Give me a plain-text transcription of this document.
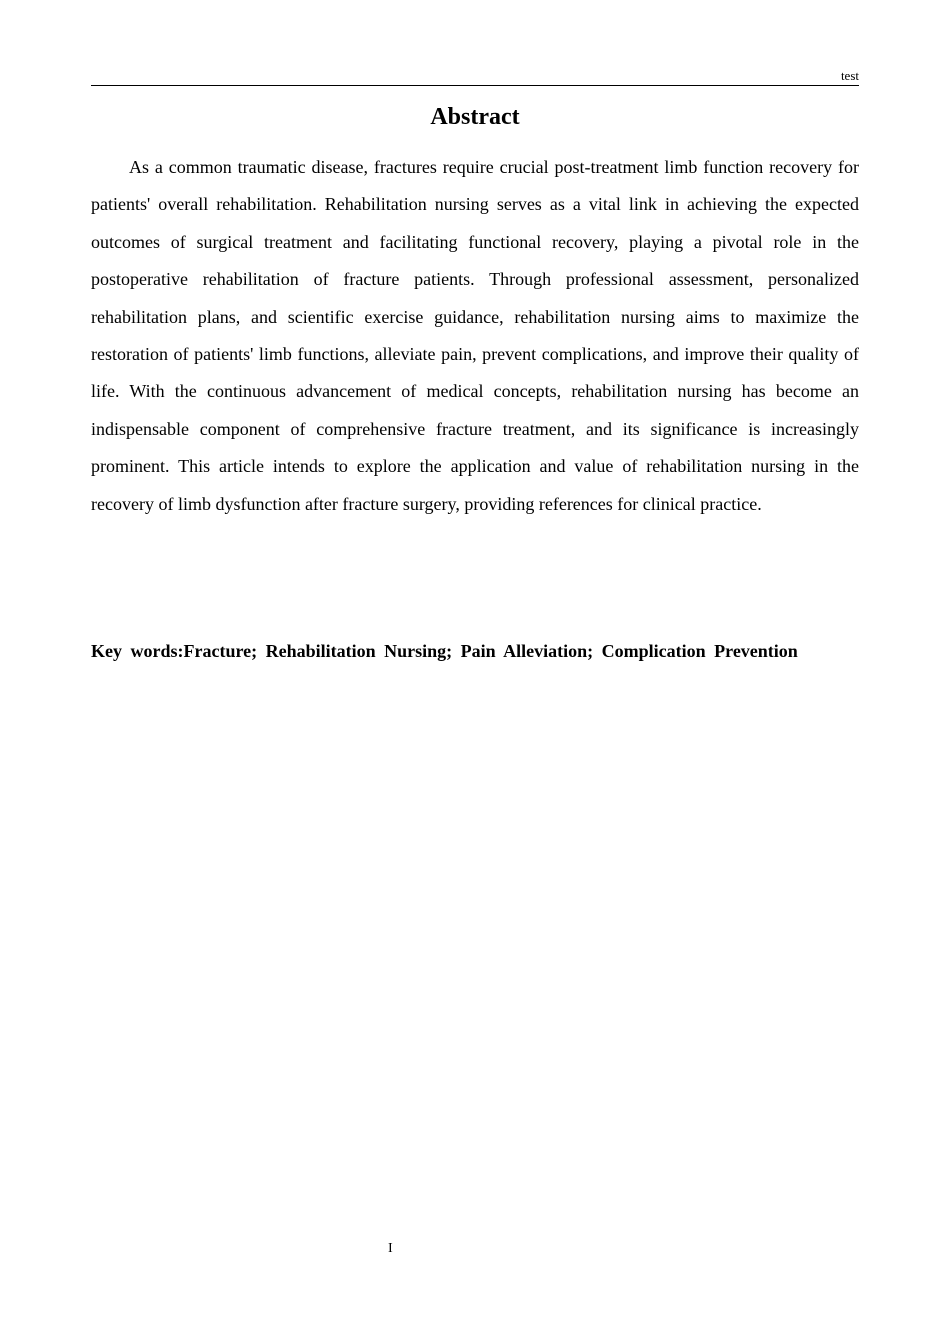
test
Abstract

As a common traumatic disease, fractures require crucial post-treatment limb function recovery for patients' overall rehabilitation. Rehabilitation nursing serves as a vital link in achieving the expected outcomes of surgical treatment and facilitating functional recovery, playing a pivotal role in the postoperative rehabilitation of fracture patients. Through professional assessment, personalized rehabilitation plans, and scientific exercise guidance, rehabilitation nursing aims to maximize the restoration of patients' limb functions, alleviate pain, prevent complications, and improve their quality of life. With the continuous advancement of medical concepts, rehabilitation nursing has become an indispensable component of comprehensive fracture treatment, and its significance is increasingly prominent. This article intends to explore the application and value of rehabilitation nursing in the recovery of limb dysfunction after fracture surgery, providing references for clinical practice.

Key words:Fracture; Rehabilitation Nursing; Pain Alleviation; Complication Prevention
I
